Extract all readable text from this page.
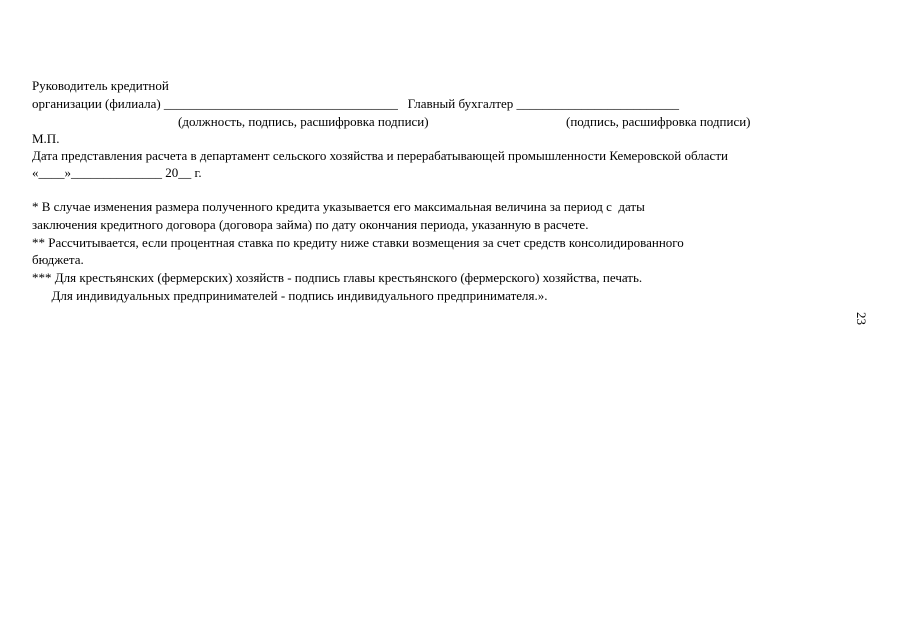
Руководитель кредитной
организации (филиала) ____________________________________   Главный бухгалтер _________________________
(должность, подпись, расшифровка подписи)	(подпись, расшифровка подписи)
М.П.
Дата представления расчета в департамент сельского хозяйства и перерабатывающей промышленности Кемеровской области
«____»______________ 20__ г.
* В случае изменения размера полученного кредита указывается его максимальная величина за период с  даты
заключения кредитного договора (договора займа) по дату окончания периода, указанную в расчете.
** Рассчитывается, если процентная ставка по кредиту ниже ставки возмещения за счет средств консолидированного
бюджета.
*** Для крестьянских (фермерских) хозяйств - подпись главы крестьянского (фермерского) хозяйства, печать.
Для индивидуальных предпринимателей - подпись индивидуального предпринимателя.».
23
